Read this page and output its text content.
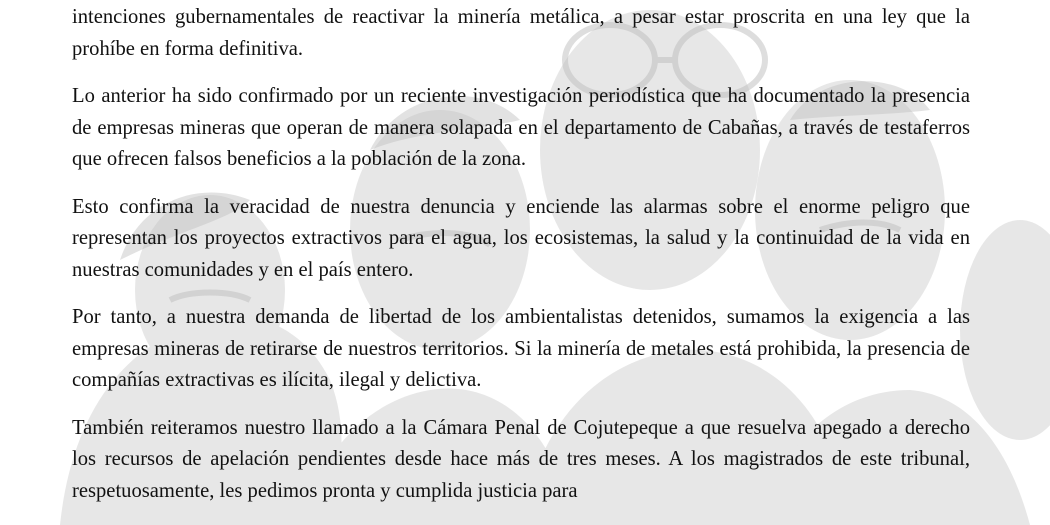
intenciones gubernamentales de reactivar la minería metálica, a pesar estar proscrita en una ley que la prohíbe en forma definitiva.

Lo anterior ha sido confirmado por un reciente investigación periodística que ha documentado la presencia de empresas mineras que operan de manera solapada en el departamento de Cabañas, a través de testaferros que ofrecen falsos beneficios a la población de la zona.

Esto confirma la veracidad de nuestra denuncia y enciende las alarmas sobre el enorme peligro que representan los proyectos extractivos para el agua, los ecosistemas, la salud y la continuidad de la vida en nuestras comunidades y en el país entero.

Por tanto, a nuestra demanda de libertad de los ambientalistas detenidos, sumamos la exigencia a las empresas mineras de retirarse de nuestros territorios. Si la minería de metales está prohibida, la presencia de compañías extractivas es ilícita, ilegal y delictiva.

También reiteramos nuestro llamado a la Cámara Penal de Cojutepeque a que resuelva apegado a derecho los recursos de apelación pendientes desde hace más de tres meses. A los magistrados de este tribunal, respetuosamente, les pedimos pronta y cumplida justicia para
